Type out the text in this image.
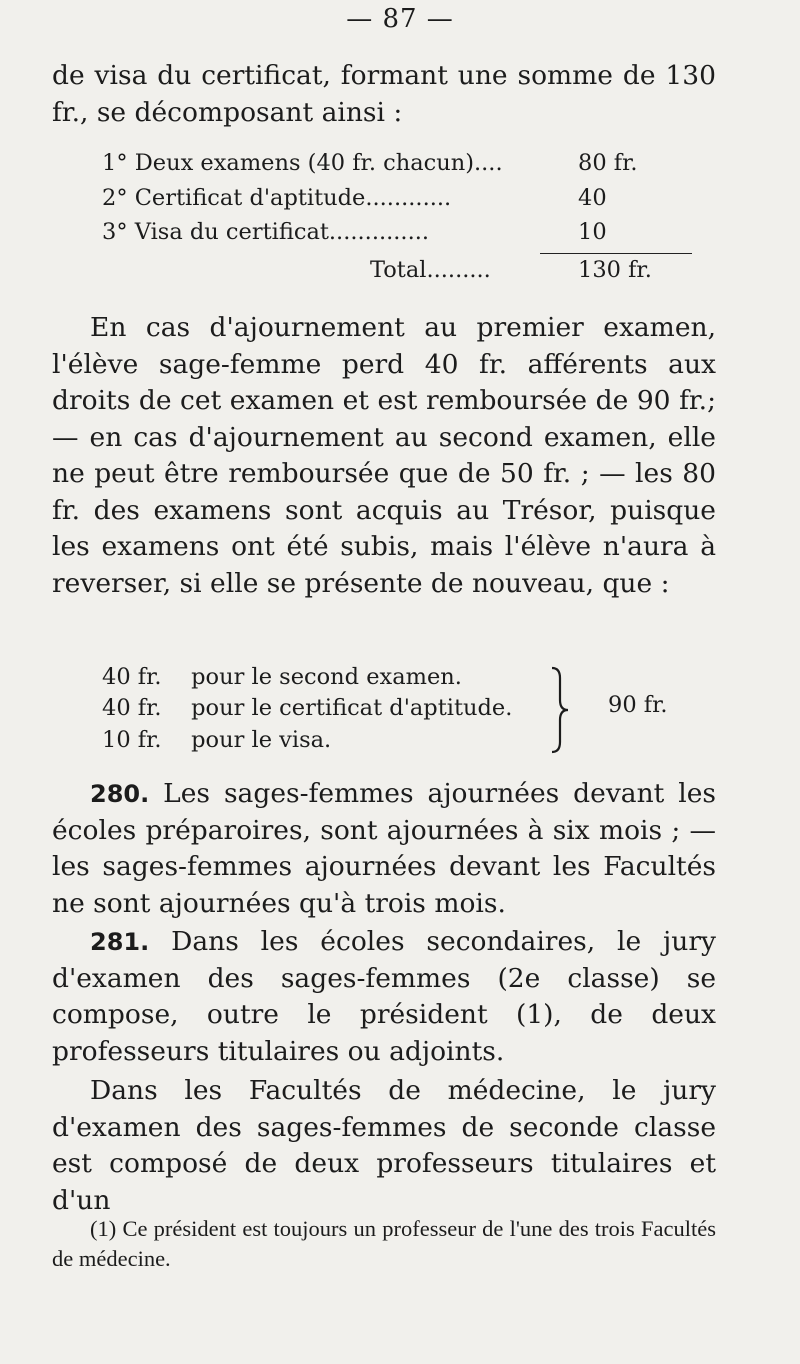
— 87 —

de visa du certificat, formant une somme de 130 fr., se décomposant ainsi :

1° Deux examens (40 fr. chacun)....	80 fr.
2° Certificat d'aptitude............	40
3° Visa du certificat..............	10
Total.........	130 fr.

En cas d'ajournement au premier examen, l'élève sage-femme perd 40 fr. afférents aux droits de cet examen et est remboursée de 90 fr.; — en cas d'ajournement au second examen, elle ne peut être remboursée que de 50 fr. ; — les 80 fr. des examens sont acquis au Trésor, puisque les examens ont été subis, mais l'élève n'aura à reverser, si elle se présente de nouveau, que :

40 fr. pour le second examen.
40 fr. pour le certificat d'aptitude.
10 fr. pour le visa.
90 fr.

280. Les sages-femmes ajournées devant les écoles préparoires, sont ajournées à six mois ; — les sages-femmes ajournées devant les Facultés ne sont ajournées qu'à trois mois.

281. Dans les écoles secondaires, le jury d'examen des sages-femmes (2e classe) se compose, outre le président (1), de deux professeurs titulaires ou adjoints.

Dans les Facultés de médecine, le jury d'examen des sages-femmes de seconde classe est composé de deux professeurs titulaires et d'un

(1) Ce président est toujours un professeur de l'une des trois Facultés de médecine.
